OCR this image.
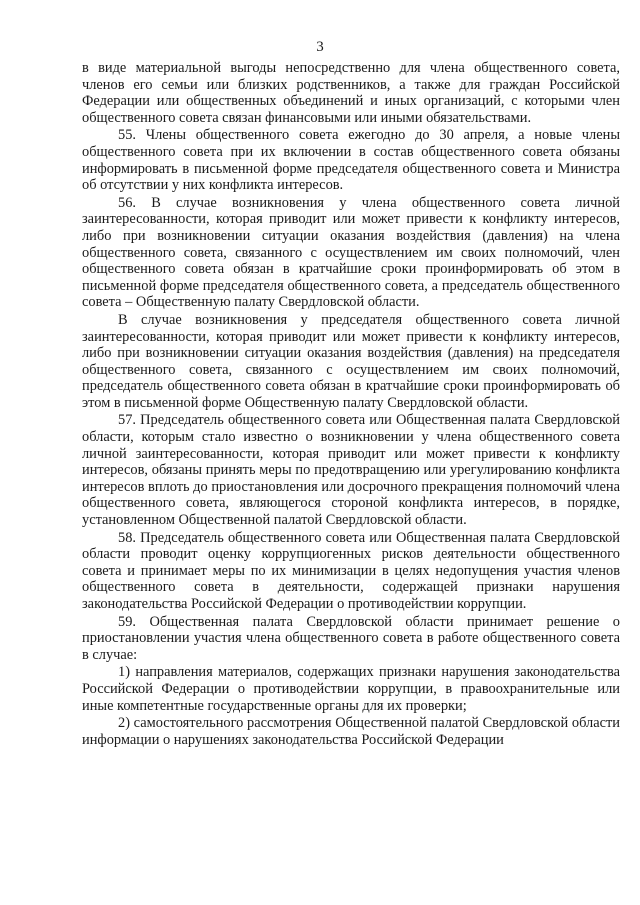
3

в виде материальной выгоды непосредственно для члена общественного совета, членов его семьи или близких родственников, а также для граждан Российской Федерации или общественных объединений и иных организаций, с которыми член общественного совета связан финансовыми или иными обязательствами.

55. Члены общественного совета ежегодно до 30 апреля, а новые члены общественного совета при их включении в состав общественного совета обязаны информировать в письменной форме председателя общественного совета и Министра об отсутствии у них конфликта интересов.

56. В случае возникновения у члена общественного совета личной заинтересованности, которая приводит или может привести к конфликту интересов, либо при возникновении ситуации оказания воздействия (давления) на члена общественного совета, связанного с осуществлением им своих полномочий, член общественного совета обязан в кратчайшие сроки проинформировать об этом в письменной форме председателя общественного совета, а председатель общественного совета – Общественную палату Свердловской области.

В случае возникновения у председателя общественного совета личной заинтересованности, которая приводит или может привести к конфликту интересов, либо при возникновении ситуации оказания воздействия (давления) на председателя общественного совета, связанного с осуществлением им своих полномочий, председатель общественного совета обязан в кратчайшие сроки проинформировать об этом в письменной форме Общественную палату Свердловской области.

57. Председатель общественного совета или Общественная палата Свердловской области, которым стало известно о возникновении у члена общественного совета личной заинтересованности, которая приводит или может привести к конфликту интересов, обязаны принять меры по предотвращению или урегулированию конфликта интересов вплоть до приостановления или досрочного прекращения полномочий члена общественного совета, являющегося стороной конфликта интересов, в порядке, установленном Общественной палатой Свердловской области.

58. Председатель общественного совета или Общественная палата Свердловской области проводит оценку коррупциогенных рисков деятельности общественного совета и принимает меры по их минимизации в целях недопущения участия членов общественного совета в деятельности, содержащей признаки нарушения законодательства Российской Федерации о противодействии коррупции.

59. Общественная палата Свердловской области принимает решение о приостановлении участия члена общественного совета в работе общественного совета в случае:

1) направления материалов, содержащих признаки нарушения законодательства Российской Федерации о противодействии коррупции, в правоохранительные или иные компетентные государственные органы для их проверки;

2) самостоятельного рассмотрения Общественной палатой Свердловской области информации о нарушениях законодательства Российской Федерации
